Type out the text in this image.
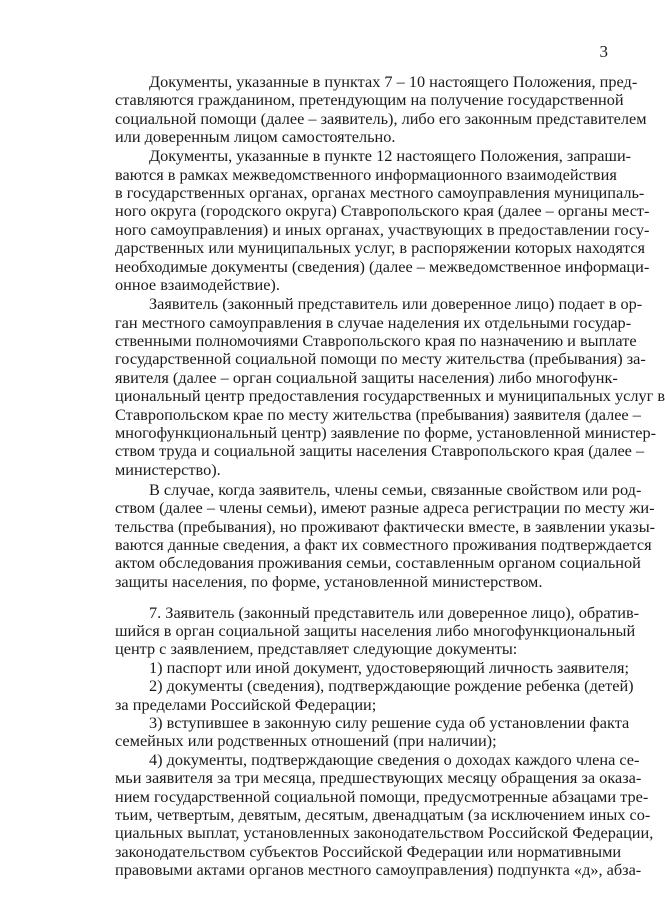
3
Документы, указанные в пунктах 7 – 10 настоящего Положения, пред-
ставляются гражданином, претендующим на получение государственной
социальной помощи (далее – заявитель), либо его законным представителем
или доверенным лицом самостоятельно.
Документы, указанные в пункте 12 настоящего Положения, запраши-
ваются в рамках межведомственного информационного взаимодействия
в государственных органах, органах местного самоуправления муниципаль-
ного округа (городского округа) Ставропольского края (далее – органы мест-
ного самоуправления) и иных органах, участвующих в предоставлении госу-
дарственных или муниципальных услуг, в распоряжении которых находятся
необходимые документы (сведения) (далее – межведомственное информаци-
онное взаимодействие).
Заявитель (законный представитель или доверенное лицо) подает в ор-
ган местного самоуправления в случае наделения их отдельными государ-
ственными полномочиями Ставропольского края по назначению и выплате
государственной социальной помощи по месту жительства (пребывания) за-
явителя (далее – орган социальной защиты населения) либо многофунк-
циональный центр предоставления государственных и муниципальных услуг в
Ставропольском крае по месту жительства (пребывания) заявителя (далее –
многофункциональный центр) заявление по форме, установленной министер-
ством труда и социальной защиты населения Ставропольского края (далее –
министерство).
В случае, когда заявитель, члены семьи, связанные свойством или род-
ством (далее – члены семьи), имеют разные адреса регистрации по месту жи-
тельства (пребывания), но проживают фактически вместе, в заявлении указы-
ваются данные сведения, а факт их совместного проживания подтверждается
актом обследования проживания семьи, составленным органом социальной
защиты населения, по форме, установленной министерством.
7. Заявитель (законный представитель или доверенное лицо), обратив-
шийся в орган социальной защиты населения либо многофункциональный
центр с заявлением, представляет следующие документы:
1) паспорт или иной документ, удостоверяющий личность заявителя;
2) документы (сведения), подтверждающие рождение ребенка (детей)
за пределами Российской Федерации;
3) вступившее в законную силу решение суда об установлении факта
семейных или родственных отношений (при наличии);
4) документы, подтверждающие сведения о доходах каждого члена се-
мьи заявителя за три месяца, предшествующих месяцу обращения за оказа-
нием государственной социальной помощи, предусмотренные абзацами тре-
тьим, четвертым, девятым, десятым, двенадцатым (за исключением иных со-
циальных выплат, установленных законодательством Российской Федерации,
законодательством субъектов Российской Федерации или нормативными
правовыми актами органов местного самоуправления) подпункта «д», абза-
